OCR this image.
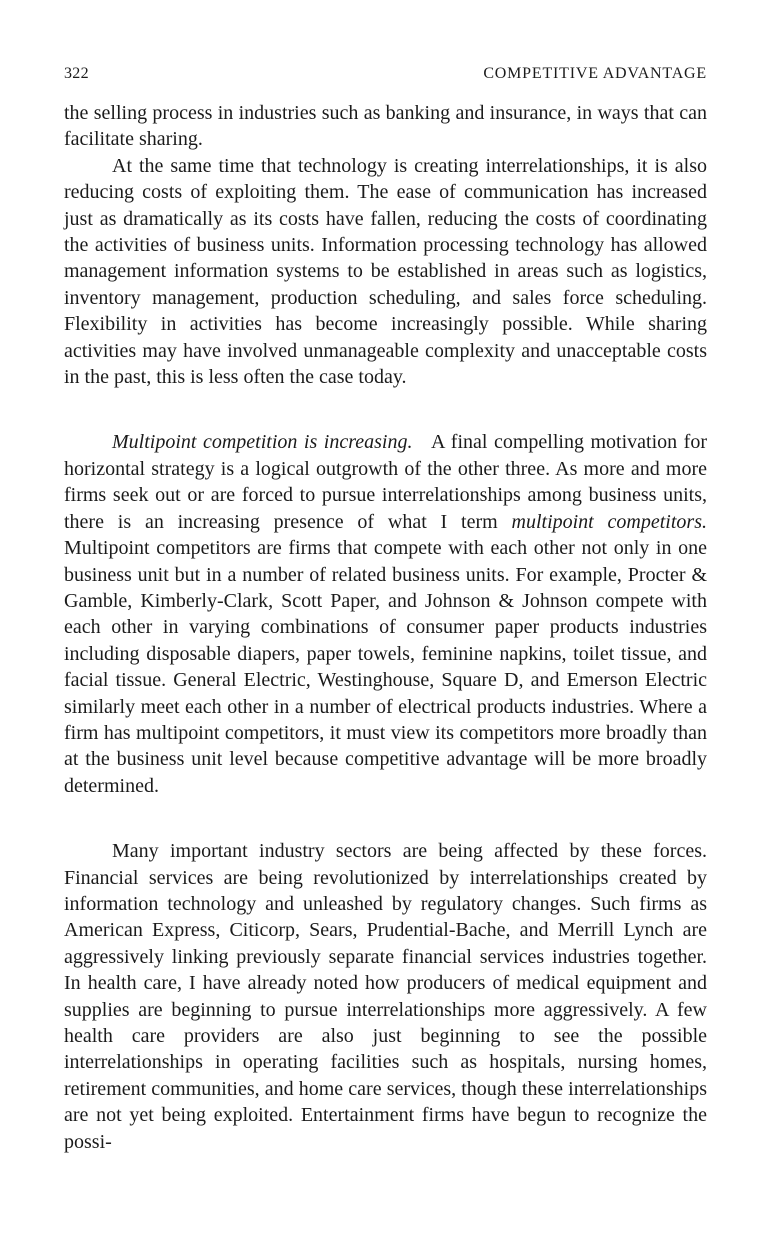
322	COMPETITIVE ADVANTAGE

the selling process in industries such as banking and insurance, in ways that can facilitate sharing.

At the same time that technology is creating interrelationships, it is also reducing costs of exploiting them. The ease of communication has increased just as dramatically as its costs have fallen, reducing the costs of coordinating the activities of business units. Information processing technology has allowed management information systems to be established in areas such as logistics, inventory management, production scheduling, and sales force scheduling. Flexibility in activities has become increasingly possible. While sharing activities may have involved unmanageable complexity and unacceptable costs in the past, this is less often the case today.

Multipoint competition is increasing. A final compelling motivation for horizontal strategy is a logical outgrowth of the other three. As more and more firms seek out or are forced to pursue interrelationships among business units, there is an increasing presence of what I term multipoint competitors. Multipoint competitors are firms that compete with each other not only in one business unit but in a number of related business units. For example, Procter & Gamble, Kimberly-Clark, Scott Paper, and Johnson & Johnson compete with each other in varying combinations of consumer paper products industries including disposable diapers, paper towels, feminine napkins, toilet tissue, and facial tissue. General Electric, Westinghouse, Square D, and Emerson Electric similarly meet each other in a number of electrical products industries. Where a firm has multipoint competitors, it must view its competitors more broadly than at the business unit level because competitive advantage will be more broadly determined.

Many important industry sectors are being affected by these forces. Financial services are being revolutionized by interrelationships created by information technology and unleashed by regulatory changes. Such firms as American Express, Citicorp, Sears, Prudential-Bache, and Merrill Lynch are aggressively linking previously separate financial services industries together. In health care, I have already noted how producers of medical equipment and supplies are beginning to pursue interrelationships more aggressively. A few health care providers are also just beginning to see the possible interrelationships in operating facilities such as hospitals, nursing homes, retirement communities, and home care services, though these interrelationships are not yet being exploited. Entertainment firms have begun to recognize the possi-
